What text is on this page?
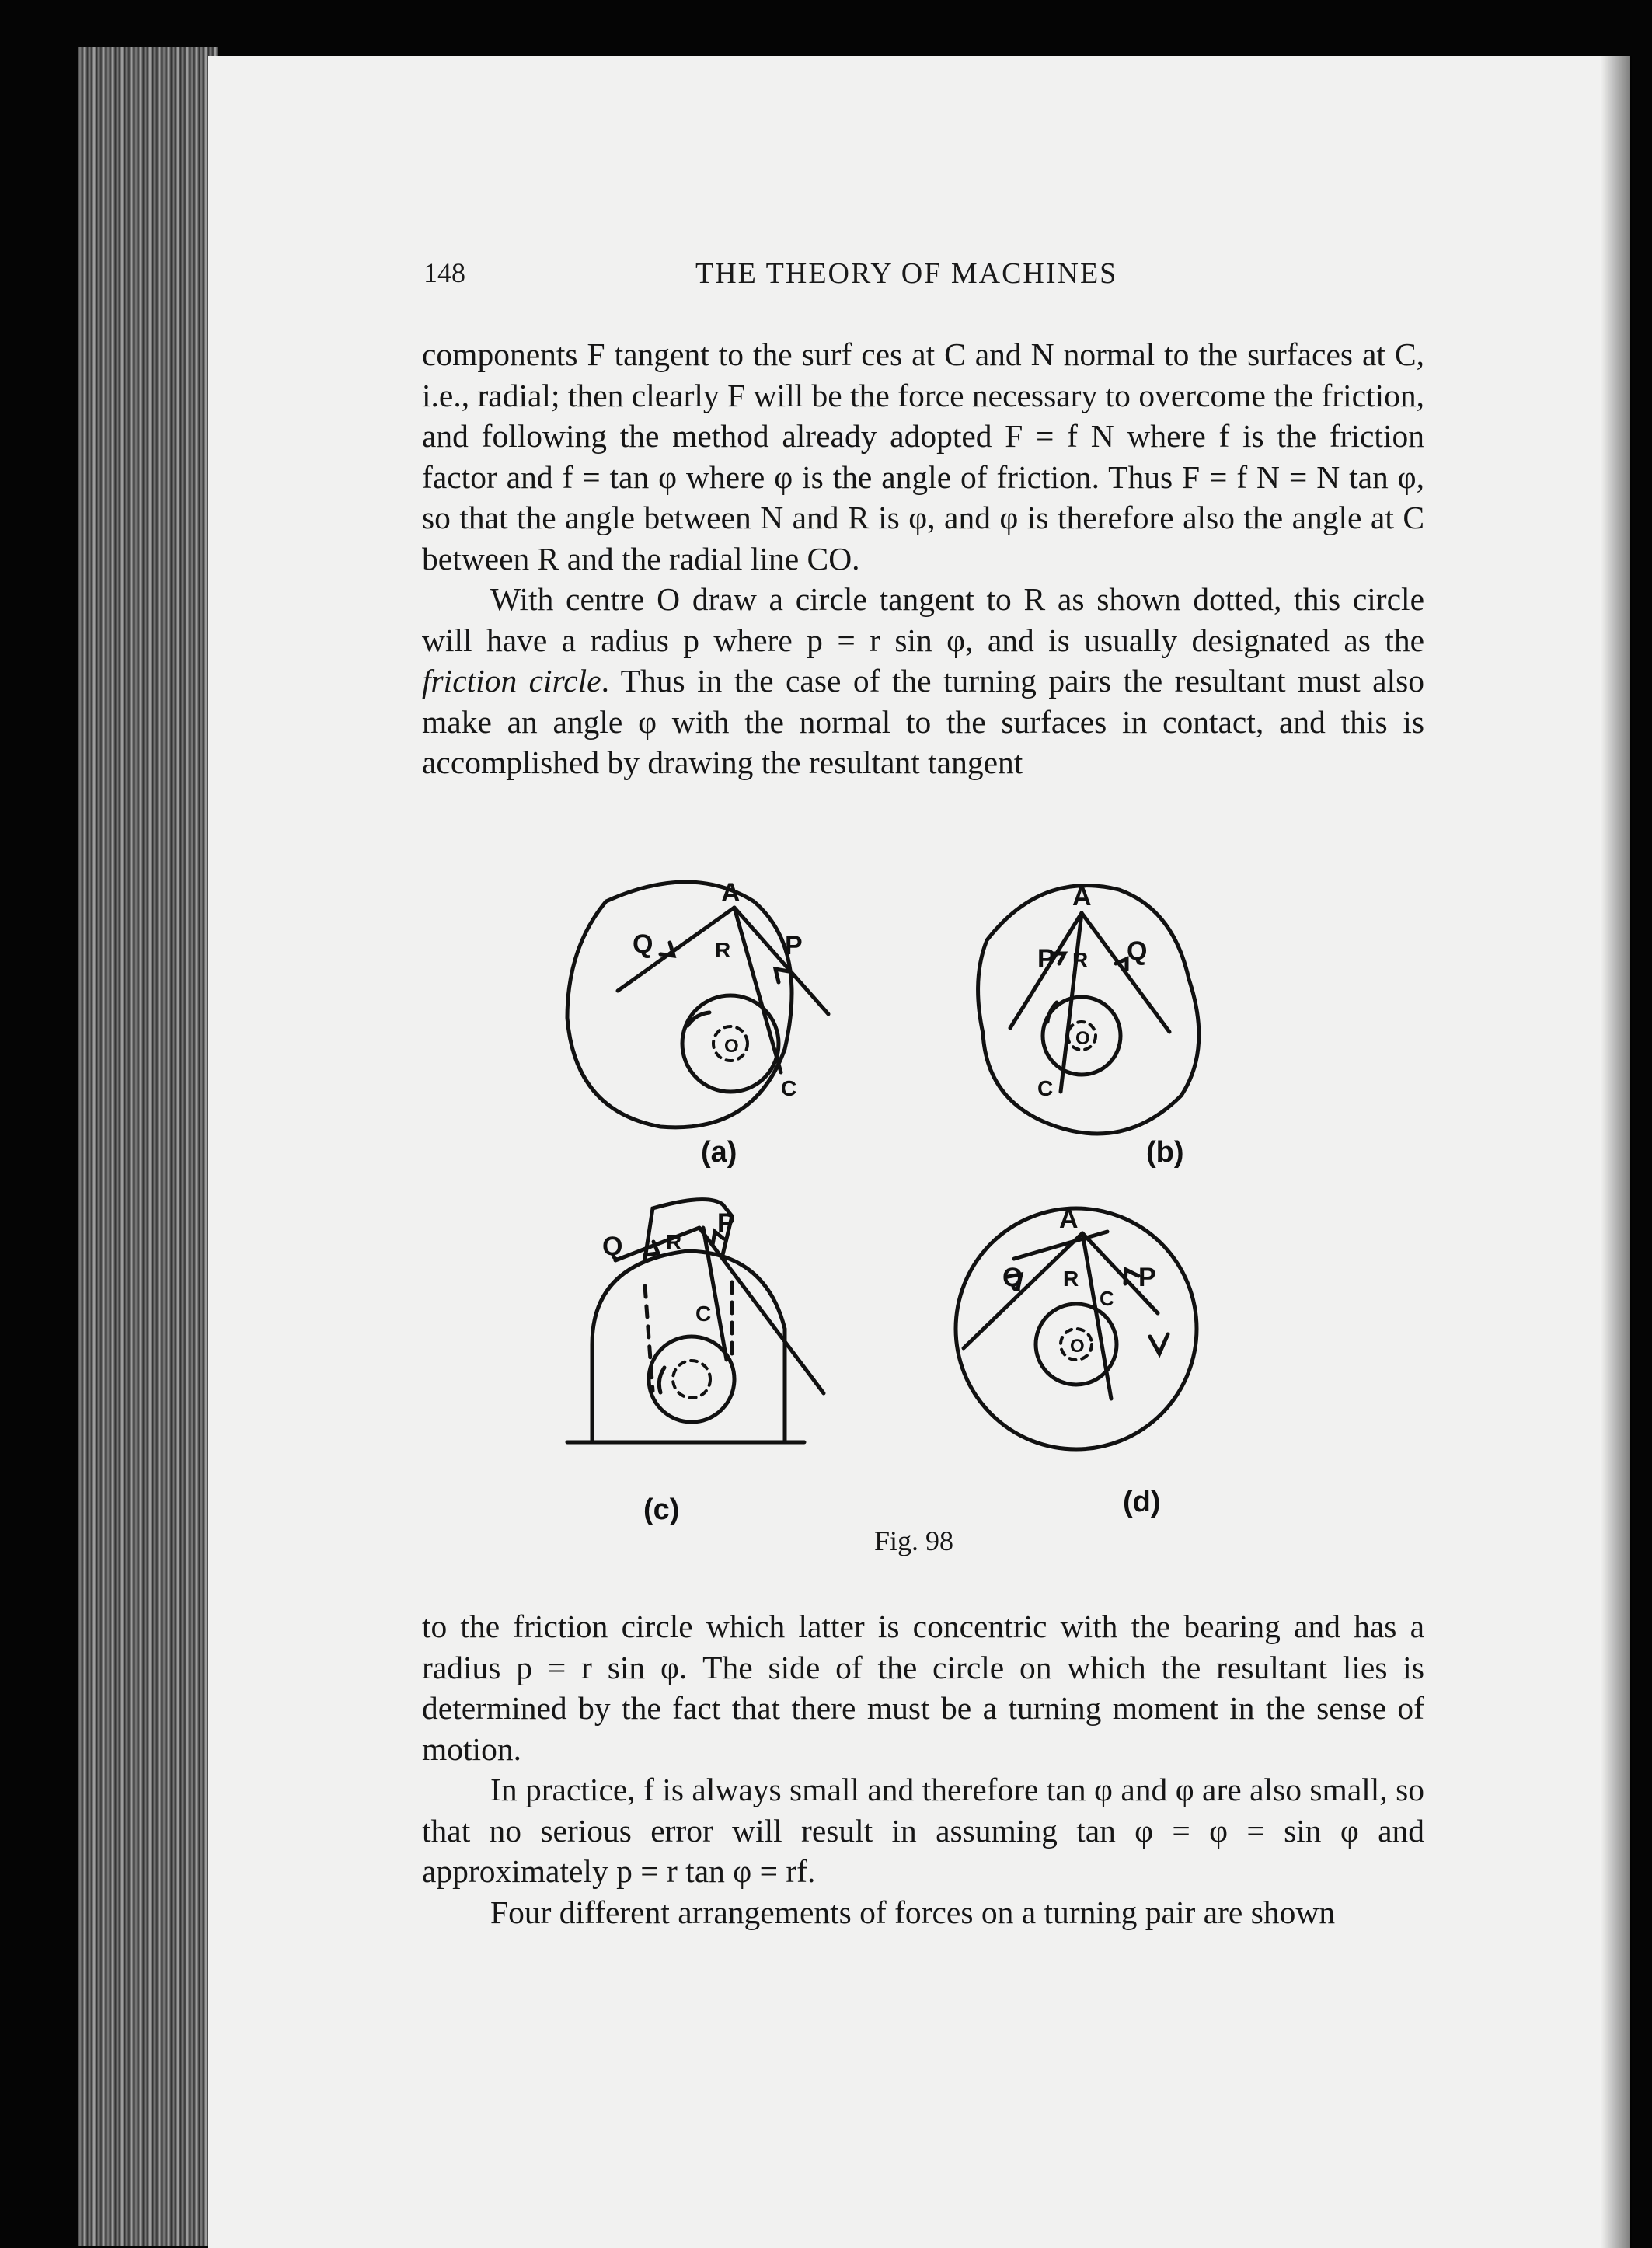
148	THE THEORY OF MACHINES

components F tangent to the surf ces at C and N normal to the surfaces at C, i.e., radial; then clearly F will be the force necessary to overcome the friction, and following the method already adopted F = f N where f is the friction factor and f = tan φ where φ is the angle of friction. Thus F = f N = N tan φ, so that the angle between N and R is φ, and φ is therefore also the angle at C between R and the radial line CO.

With centre O draw a circle tangent to R as shown dotted, this circle will have a radius p where p = r sin φ, and is usually designated as the friction circle. Thus in the case of the turning pairs the resultant must also make an angle φ with the normal to the surfaces in contact, and this is accomplished by drawing the resultant tangent

A
Q	P
R
C
O
A
P	Q
R
C
O
Q
P
R
C
A
Q	P
R
C
O
(a)	(b)
(c)	(d)
Fig. 98

to the friction circle which latter is concentric with the bearing and has a radius p = r sin φ. The side of the circle on which the resultant lies is determined by the fact that there must be a turning moment in the sense of motion.

In practice, f is always small and therefore tan φ and φ are also small, so that no serious error will result in assuming tan φ = φ = sin φ and approximately p = r tan φ = rf.

Four different arrangements of forces on a turning pair are shown
